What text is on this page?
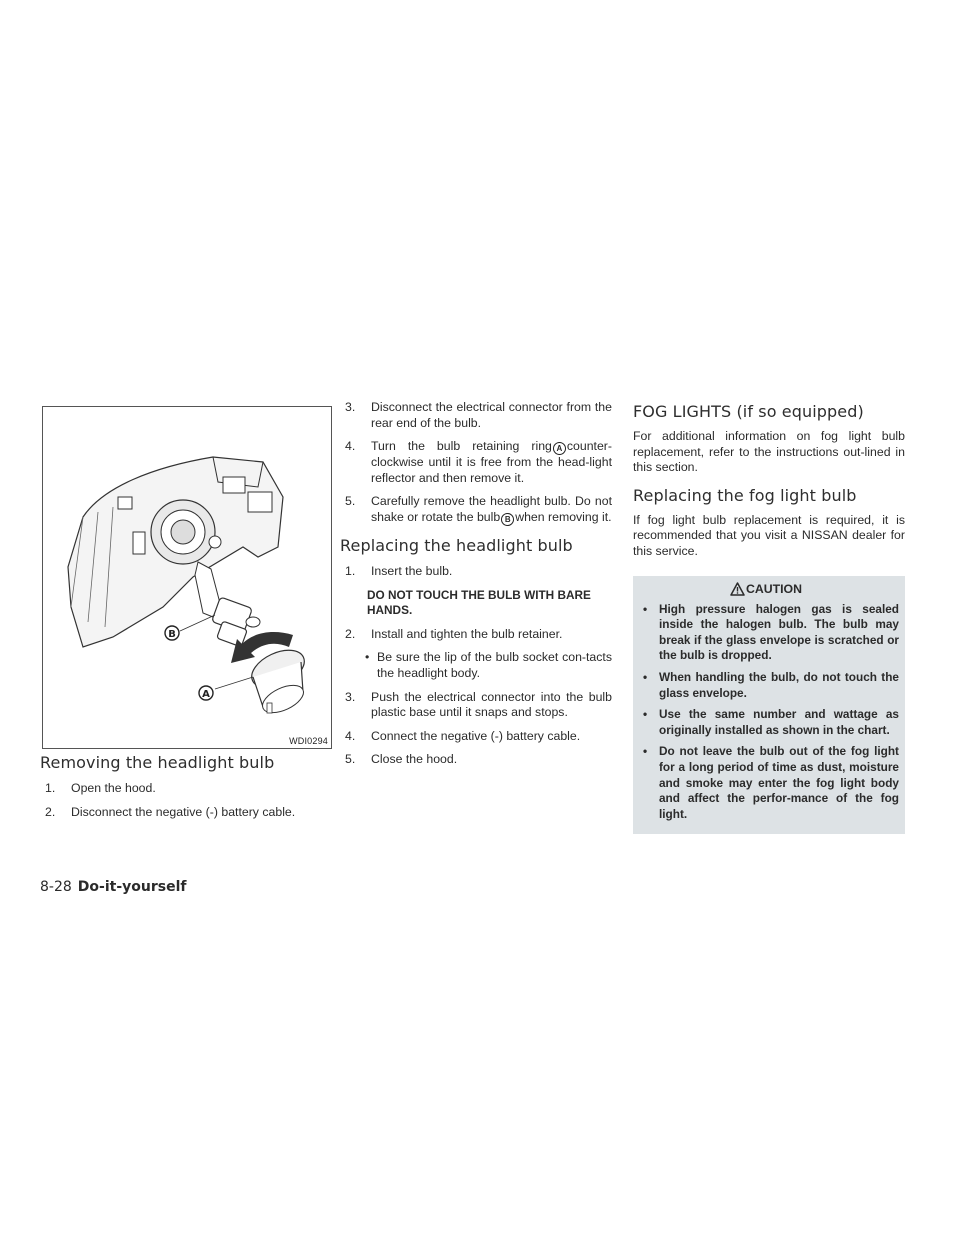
B
A
WDI0294
Removing the headlight bulb
1. Open the hood.
2. Disconnect the negative (-) battery cable.
3. Disconnect the electrical connector from the rear end of the bulb.
4. Turn the bulb retaining ring A counter-clockwise until it is free from the head-light reflector and then remove it.
5. Carefully remove the headlight bulb. Do not shake or rotate the bulb B when removing it.
Replacing the headlight bulb
1. Insert the bulb.
DO NOT TOUCH THE BULB WITH BARE HANDS.
2. Install and tighten the bulb retainer.
• Be sure the lip of the bulb socket con-tacts the headlight body.
3. Push the electrical connector into the bulb plastic base until it snaps and stops.
4. Connect the negative (-) battery cable.
5. Close the hood.
FOG LIGHTS (if so equipped)

For additional information on fog light bulb replacement, refer to the instructions out-lined in this section.

Replacing the fog light bulb

If fog light bulb replacement is required, it is recommended that you visit a NISSAN dealer for this service.

CAUTION
• High pressure halogen gas is sealed inside the halogen bulb. The bulb may break if the glass envelope is scratched or the bulb is dropped.
• When handling the bulb, do not touch the glass envelope.
• Use the same number and wattage as originally installed as shown in the chart.
• Do not leave the bulb out of the fog light for a long period of time as dust, moisture and smoke may enter the fog light body and affect the perfor-mance of the fog light.
8-28 Do-it-yourself
